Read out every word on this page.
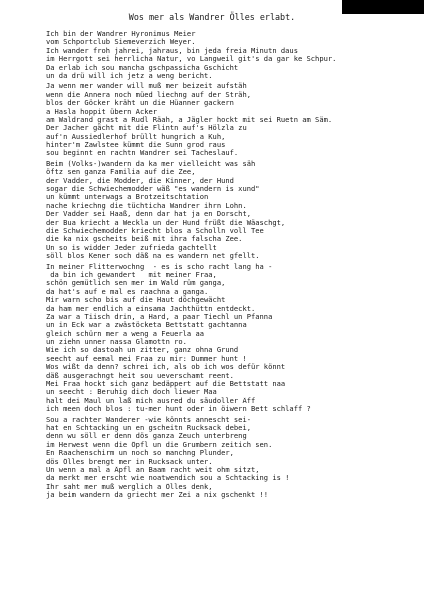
Wos mer als Wandrer Ölles erlabt.
Ich bin der Wandrer Hyronimus Meier
vom Schportclub Siemeverzich Weyer.
Ich wander froh jahrei, jahraus, bin jeda freia Minutn daus
im Herrgott sei herrlicha Natur, vo Langweil git's da gar ke Schpur.
Da erlab ich sou mancha gschpassicha Gschicht
un da drü will ich jetz a weng bericht.
Ja wenn mer wander will muß mer beizeit aufstäh
wenn die Annera noch müed liechng auf der Sträh,
blos der Göcker kräht un die Hüanner gackern
a Hasla hoppit übern Acker
am Waldrand grast a Rudl Räah, a Jägler hockt mit sei Ruetn am Säm.
Der Jacher gächt mit die Flintn auf's Hölzla zu
auf'n Aussiedlerhof brüllt hungrich a Kuh,
hinter'm Zawlstee kümmt die Sunn grod raus
sou beginnt en rachtn Wandrer sei Tacheslauf.
Beim (Volks-)wandern da ka mer vielleicht was säh
öftz sen ganza Familia auf die Zee,
der Vadder, die Modder, die Kinner, der Hund
sogar die Schwiechemodder wäß "es wandern is xund"
un kümmt unterwags a Brotzeitschtation
nache kriechng die tüchticha Wandrer ihrn Lohn.
Der Vadder sei Haaß, denn dar hat ja en Dorscht,
der Bua kriecht a Weckla un der Hund früßt die Wäaschgt,
die Schwiechemodder kriecht blos a Scholln voll Tee
die ka nix gscheits beiß mit ihra falscha Zee.
Un so is widder Jeder zufrieda gachtellt
söll blos Kener soch däß na es wandern net gfellt.
In meiner Flitterwochng  - es is scho racht lang ha -
da bin ich gewandert   mit meiner Fraa,
schön gemütlich sen mer im Wald rüm ganga,
da hat's auf e mal es raachna a ganga.
Mir warn scho bis auf die Haut döchgewächt
da ham mer endlich a einsama Jachthüttn entdeckt.
Za war a Tiisch drin, a Hard, a paar Tiechl un Pfanna
un in Eck war a zwästöcketa Bettstatt gachtanna
gleich schürn mer a weng a Feuerla aa
un ziehn unner nassa Glamottn ro.
Wie ich so dastoah un zitter, ganz ohna Grund
seecht auf eemal mei Fraa zu mir: Dummer hunt !
Wos wißt da denn? schrei ich, als ob ich wos defür könnt
däß ausgerachngt heit sou ueverschamt reent.
Mei Fraa hockt sich ganz bedäppert auf die Bettstatt naa
un seecht : Beruhig dich doch liewer Maa
halt dei Maul un laß mich ausred du säudoller Äff
ich meen doch blos : tu-mer hunt oder in öiwern Bett schlaff ?
Sou a rachter Wanderer -wie könnts annescht sei-
hat en Schtacking un en gscheitn Rucksack debei,
denn wu söll er denn dös ganza Zeuch unterbreng
im Herwest wenn die Öpfl un die Grumbern zeitich sen.
En Raachenschirm un noch so manchng Plunder,
dös Ölles brengt mer in Rucksack unter.
Un wenn a mal a Äpfl an Baam racht weit ohm sitzt,
da merkt mer erscht wie noatwendich sou a Schtacking is !
Ihr saht mer muß werglich a Ölles denk,
ja beim wandern da griecht mer Zei a nix gschenkt !!
